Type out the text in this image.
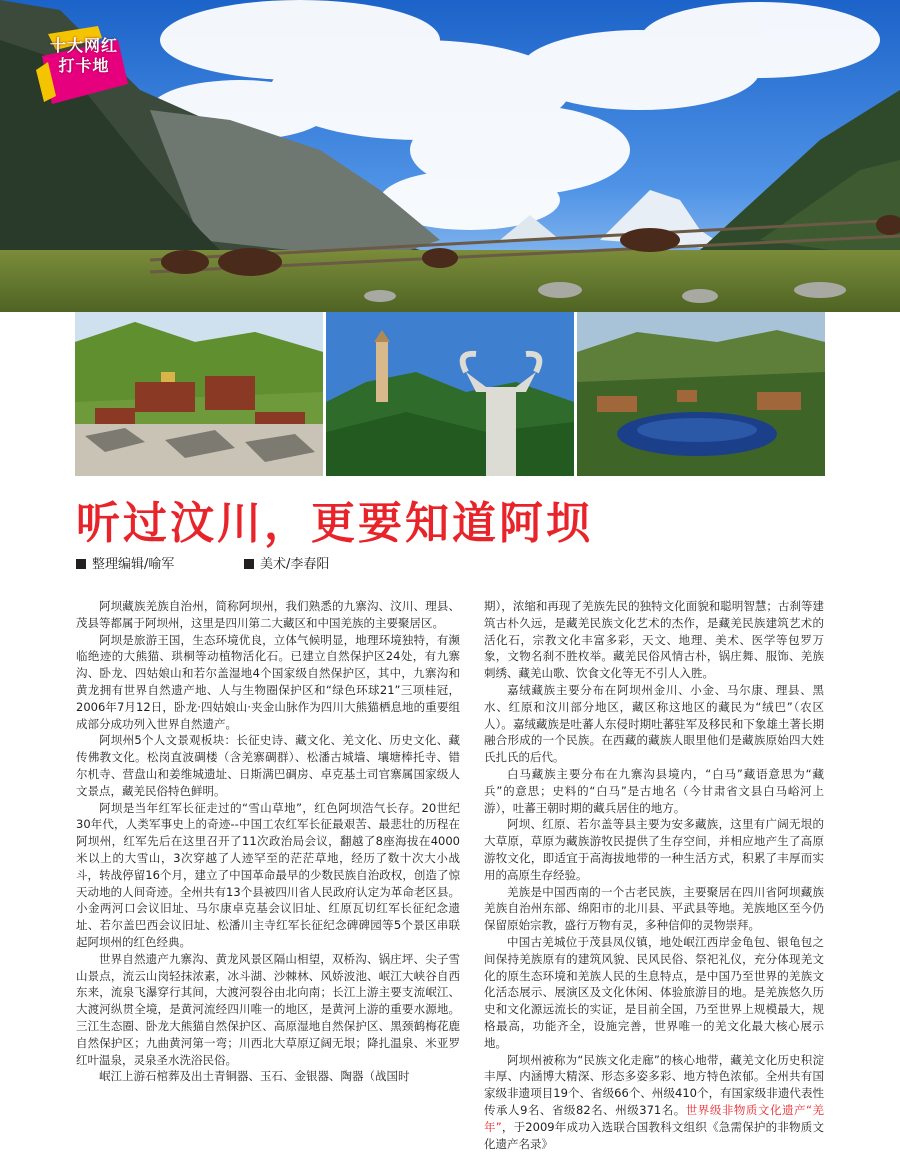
十大网红
打卡地
听过汶川，更要知道阿坝
整理编辑/喻军	美术/李春阳

阿坝藏族羌族自治州，简称阿坝州，我们熟悉的九寨沟、汶川、理县、茂县等都属于阿坝州，这里是四川第二大藏区和中国羌族的主要聚居区。

阿坝是旅游王国，生态环境优良，立体气候明显，地理环境独特，有濒临绝迹的大熊猫、珙桐等动植物活化石。已建立自然保护区24处，有九寨沟、卧龙、四姑娘山和若尔盖湿地4个国家级自然保护区，其中，九寨沟和黄龙拥有世界自然遗产地、人与生物圈保护区和“绿色环球21”三项桂冠，2006年7月12日，卧龙·四姑娘山·夹金山脉作为四川大熊猫栖息地的重要组成部分成功列入世界自然遗产。

阿坝州5个人文景观板块：长征史诗、藏文化、羌文化、历史文化、藏传佛教文化。松岗直波碉楼（含羌寨碉群）、松潘古城墙、壤塘棒托寺、错尔机寺、营盘山和姜维城遗址、日斯满巴碉房、卓克基土司官寨属国家级人文景点，藏羌民俗特色鲜明。

阿坝是当年红军长征走过的“雪山草地”，红色阿坝浩气长存。20世纪30年代，人类军事史上的奇迹--中国工农红军长征最艰苦、最悲壮的历程在阿坝州，红军先后在这里召开了11次政治局会议，翻越了8座海拔在4000米以上的大雪山，3次穿越了人迹罕至的茫茫草地，经历了数十次大小战斗，转战停留16个月，建立了中国革命最早的少数民族自治政权，创造了惊天动地的人间奇迹。全州共有13个县被四川省人民政府认定为革命老区县。小金两河口会议旧址、马尔康卓克基会议旧址、红原瓦切红军长征纪念遗址、若尔盖巴西会议旧址、松潘川主寺红军长征纪念碑碑园等5个景区串联起阿坝州的红色经典。

世界自然遗产九寨沟、黄龙风景区隔山相望，双桥沟、锅庄坪、尖子雪山景点，流云山岗轻抹浓素，冰斗湖、沙棘林、风娇波池、岷江大峡谷自西东来，流泉飞瀑穿行其间，大渡河裂谷由北向南；长江上游主要支流岷江、大渡河纵贯全境，是黄河流经四川唯一的地区，是黄河上游的重要水源地。三江生态圈、卧龙大熊猫自然保护区、高原湿地自然保护区、黑颈鹤梅花鹿自然保护区；九曲黄河第一弯；川西北大草原辽阔无垠；降扎温泉、米亚罗红叶温泉，灵泉圣水洗浴民俗。

岷江上游石棺葬及出土青铜器、玉石、金银器、陶器（战国时

期），浓缩和再现了羌族先民的独特文化面貌和聪明智慧；古刹等建筑古朴久远，是藏羌民族文化艺术的杰作，是藏羌民族建筑艺术的活化石，宗教文化丰富多彩，天文、地理、美术、医学等包罗万象，文物名刹不胜枚举。藏羌民俗风情古朴，锅庄舞、服饰、羌族刺绣、藏羌山歌、饮食文化等无不引人入胜。

嘉绒藏族主要分布在阿坝州金川、小金、马尔康、理县、黑水、红原和汶川部分地区，藏区称这地区的藏民为“绒巴”（农区人）。嘉绒藏族是吐蕃人东侵时期吐蕃驻军及移民和下象雄土著长期融合形成的一个民族。在西藏的藏族人眼里他们是藏族原始四大姓氏扎氏的后代。

白马藏族主要分布在九寨沟县境内，“白马”藏语意思为“藏兵”的意思；史料的“白马”是古地名（今甘肃省文县白马峪河上游），吐蕃王朝时期的藏兵居住的地方。

阿坝、红原、若尔盖等县主要为安多藏族，这里有广阔无垠的大草原，草原为藏族游牧民提供了生存空间，并相应地产生了高原游牧文化，即适宜于高海拔地带的一种生活方式，积累了丰厚而实用的高原生存经验。

羌族是中国西南的一个古老民族，主要聚居在四川省阿坝藏族羌族自治州东部、绵阳市的北川县、平武县等地。羌族地区至今仍保留原始宗教，盛行万物有灵，多种信仰的灵物崇拜。

中国古羌城位于茂县凤仪镇，地处岷江西岸金龟包、银龟包之间保持羌族原有的建筑风貌、民风民俗、祭祀礼仪，充分体现羌文化的原生态环境和羌族人民的生息特点，是中国乃至世界的羌族文化活态展示、展演区及文化休闲、体验旅游目的地。是羌族悠久历史和文化源远流长的实证，是目前全国，乃至世界上规模最大，规格最高，功能齐全，设施完善，世界唯一的羌文化最大核心展示地。

阿坝州被称为“民族文化走廊”的核心地带，藏羌文化历史积淀丰厚、内涵博大精深、形态多姿多彩、地方特色浓郁。全州共有国家级非遗项目19个、省级66个、州级410个，有国家级非遗代表性传承人9名、省级82名、州级371名。世界级非物质文化遗产“羌年”，于2009年成功入选联合国教科文组织《急需保护的非物质文化遗产名录》
